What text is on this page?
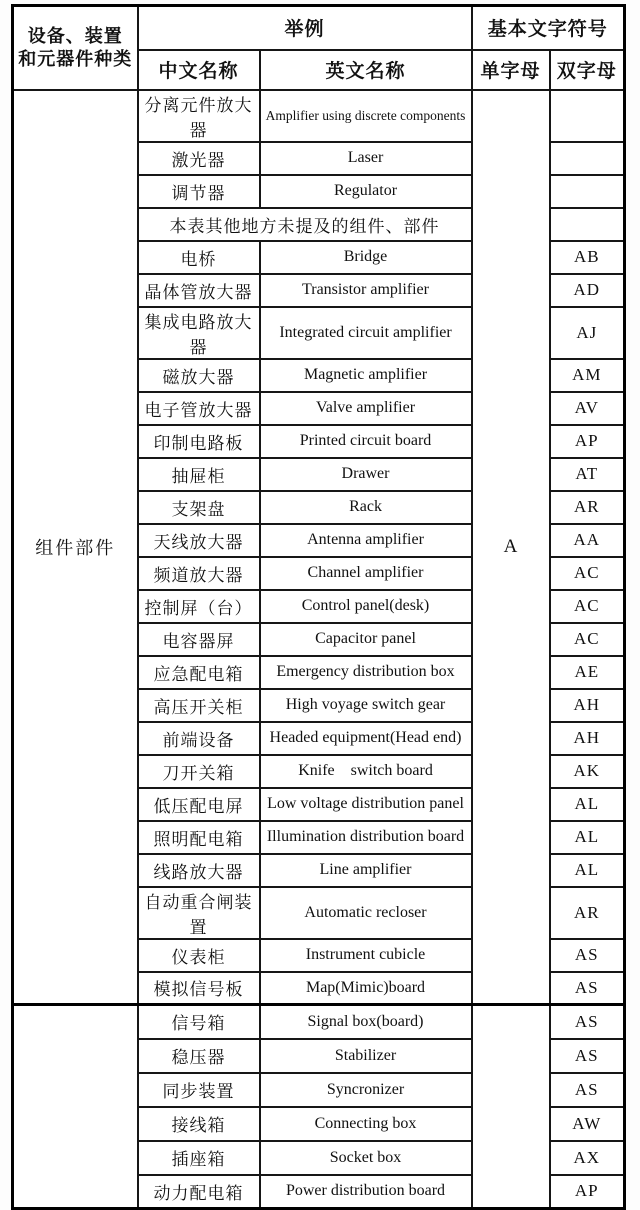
设备、装置
和元器件种类	举例		基本文字符号	
	中文名称	英文名称	单字母	双字母
组件部件	分离元件放大器	Amplifier using discrete components	A	
	激光器	Laser		
	调节器	Regulator		
	本表其他地方未提及的组件、部件			
	电桥	Bridge		AB
	晶体管放大器	Transistor amplifier		AD
	集成电路放大器	Integrated circuit amplifier		AJ
	磁放大器	Magnetic amplifier		AM
	电子管放大器	Valve amplifier		AV
	印制电路板	Printed circuit board		AP
	抽屉柜	Drawer		AT
	支架盘	Rack		AR
	天线放大器	Antenna amplifier		AA
	频道放大器	Channel amplifier		AC
	控制屏（台）	Control panel(desk)		AC
	电容器屏	Capacitor panel		AC
	应急配电箱	Emergency distribution box		AE
	高压开关柜	High voyage switch gear		AH
	前端设备	Headed equipment(Head end)		AH
	刀开关箱	Knife    switch board		AK
	低压配电屏	Low voltage distribution panel		AL
	照明配电箱	Illumination distribution board		AL
	线路放大器	Line amplifier		AL
	自动重合闸装置	Automatic recloser		AR
	仪表柜	Instrument cubicle		AS
	模拟信号板	Map(Mimic)board		AS
	信号箱	Signal box(board)		AS
	稳压器	Stabilizer		AS
	同步装置	Syncronizer		AS
	接线箱	Connecting box		AW
	插座箱	Socket box		AX
	动力配电箱	Power distribution board		AP
